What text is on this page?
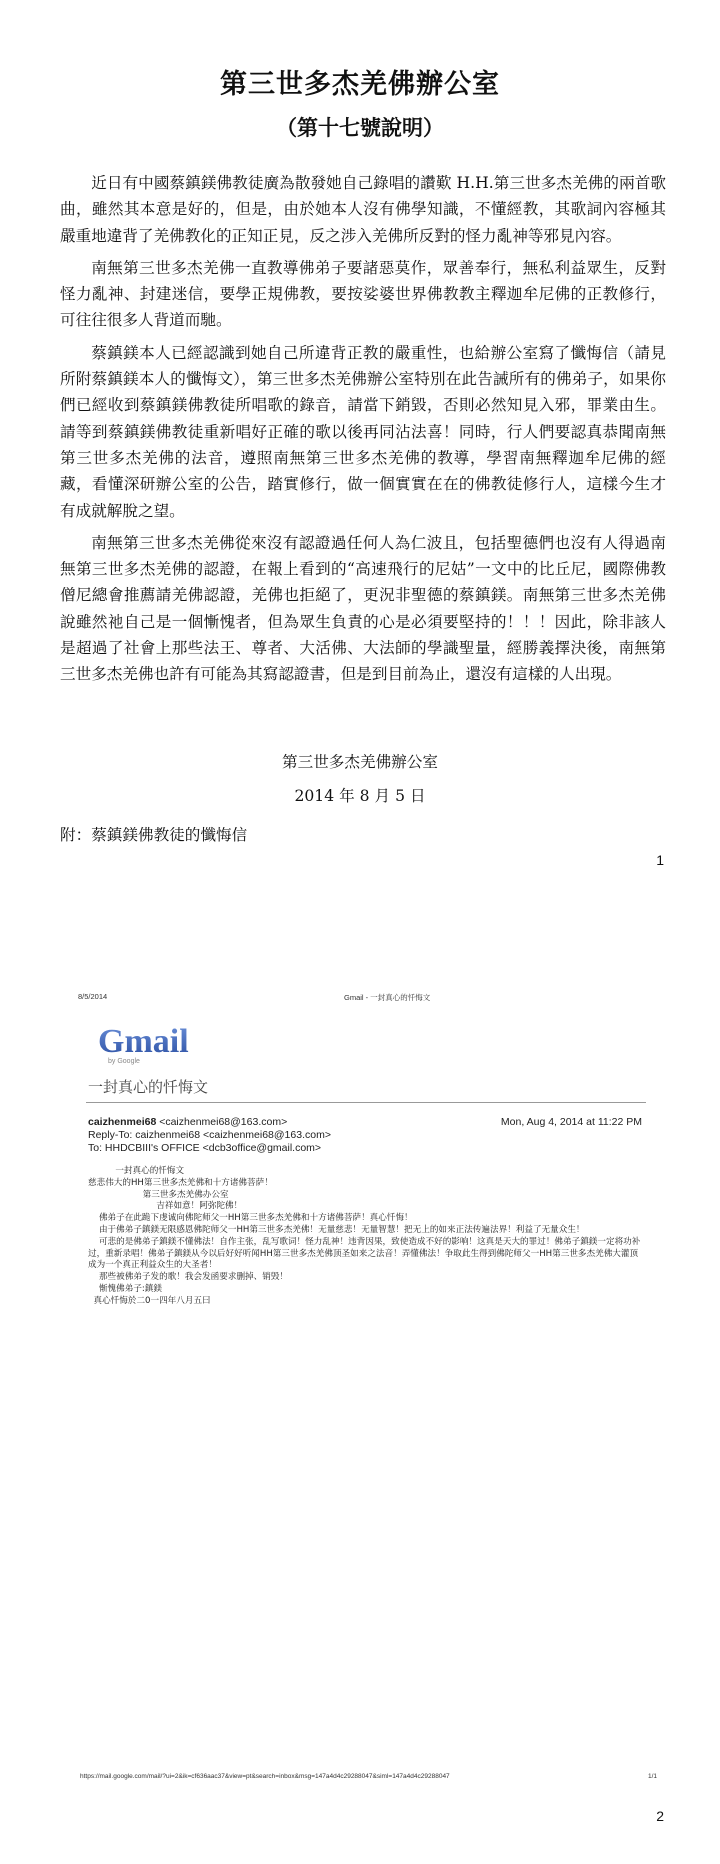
第三世多杰羌佛辦公室
（第十七號說明）

近日有中國蔡鎮鎂佛教徒廣為散發她自己錄唱的讚歎 H.H.第三世多杰羌佛的兩首歌曲，雖然其本意是好的，但是，由於她本人沒有佛學知識，不懂經教，其歌詞內容極其嚴重地違背了羌佛教化的正知正見，反之涉入羌佛所反對的怪力亂神等邪見內容。

南無第三世多杰羌佛一直教導佛弟子要諸惡莫作，眾善奉行，無私利益眾生，反對怪力亂神、封建迷信，要學正規佛教，要按娑婆世界佛教教主釋迦牟尼佛的正教修行，可往往很多人背道而馳。

蔡鎮鎂本人已經認識到她自己所違背正教的嚴重性，也給辦公室寫了懺悔信（請見所附蔡鎮鎂本人的懺悔文），第三世多杰羌佛辦公室特別在此告誡所有的佛弟子，如果你們已經收到蔡鎮鎂佛教徒所唱歌的錄音，請當下銷毀，否則必然知見入邪，罪業由生。請等到蔡鎮鎂佛教徒重新唱好正確的歌以後再同沾法喜！同時，行人們要認真恭聞南無第三世多杰羌佛的法音，遵照南無第三世多杰羌佛的教導，學習南無釋迦牟尼佛的經藏，看懂深研辦公室的公告，踏實修行，做一個實實在在的佛教徒修行人，這樣今生才有成就解脫之望。

南無第三世多杰羌佛從來沒有認證過任何人為仁波且，包括聖德們也沒有人得過南無第三世多杰羌佛的認證，在報上看到的“高速飛行的尼姑”一文中的比丘尼，國際佛教僧尼總會推薦請羌佛認證，羌佛也拒絕了，更況非聖德的蔡鎮鎂。南無第三世多杰羌佛說雖然祂自己是一個慚愧者，但為眾生負責的心是必須要堅持的！！！因此，除非該人是超過了社會上那些法王、尊者、大活佛、大法師的學識聖量，經勝義擇決後，南無第三世多杰羌佛也許有可能為其寫認證書，但是到目前為止，還沒有這樣的人出現。

第三世多杰羌佛辦公室
2014 年 8 月 5 日
附：蔡鎮鎂佛教徒的懺悔信
1
8/5/2014	Gmail - 一封真心的忏悔文
Gmail
by Google
一封真心的忏悔文
caizhenmei68 <caizhenmei68@163.com>
Reply-To: caizhenmei68 <caizhenmei68@163.com>
To: HHDCBIII's OFFICE <dcb3office@gmail.com>
Mon, Aug 4, 2014 at 11:22 PM
一封真心的忏悔文
慈悲伟大的HH第三世多杰羌佛和十方诸佛菩萨！
第三世多杰羌佛办公室
吉祥如意！阿弥陀佛！
佛弟子在此跪下虔诚向佛陀师父一HH第三世多杰羌佛和十方诸佛菩萨！真心忏悔！
由于佛弟子鎮鎂无限感恩佛陀师父一HH第三世多杰羌佛！无量慈悲！无量智慧！把无上的如来正法传遍法界！利益了无量众生！
可悲的是佛弟子鎮鎂不懂佛法！自作主张，乱写歌词！怪力乱神！违背因果，致使造成不好的影响！这真是天大的罪过！佛弟子鎮鎂一定将功补过，重新录唱！佛弟子鎮鎂从今以后好好听闻HH第三世多杰羌佛顶圣如来之法音！弄懂佛法！争取此生得到佛陀师父一HH第三世多杰羌佛大灌顶成为一个真正利益众生的大圣者！
那些被佛弟子发的歌！我会发函要求删掉、销毁！
惭愧佛弟子:鎮鎂
真心忏悔於二0一四年八月五曰
https://mail.google.com/mail/?ui=2&ik=cf636aac37&view=pt&search=inbox&msg=147a4d4c29288047&siml=147a4d4c29288047	1/1
2
